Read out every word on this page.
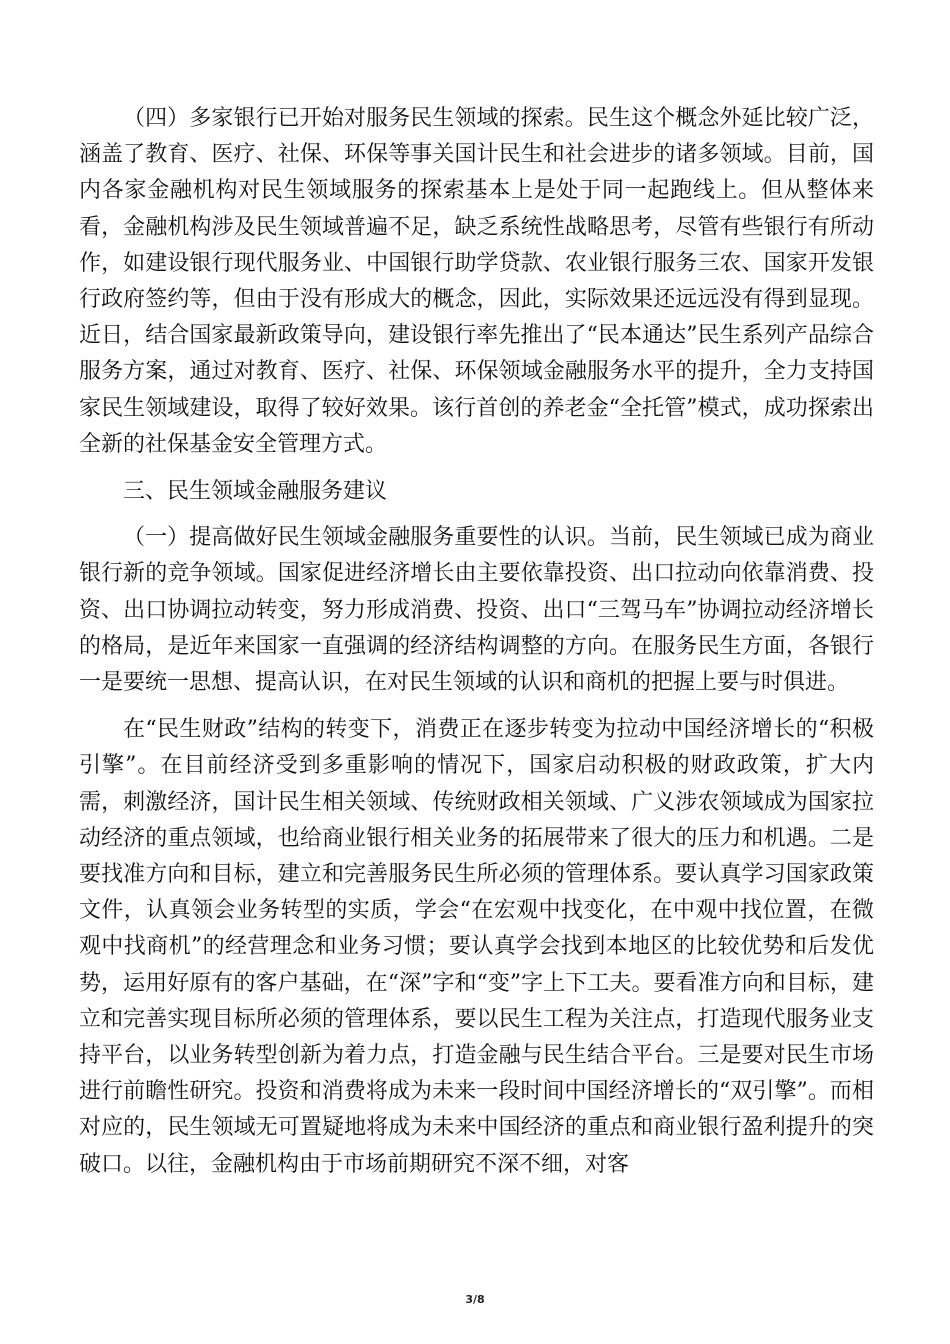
（四）多家银行已开始对服务民生领域的探索。民生这个概念外延比较广泛，涵盖了教育、医疗、社保、环保等事关国计民生和社会进步的诸多领域。目前，国内各家金融机构对民生领域服务的探索基本上是处于同一起跑线上。但从整体来看，金融机构涉及民生领域普遍不足，缺乏系统性战略思考，尽管有些银行有所动作，如建设银行现代服务业、中国银行助学贷款、农业银行服务三农、国家开发银行政府签约等，但由于没有形成大的概念，因此，实际效果还远远没有得到显现。近日，结合国家最新政策导向，建设银行率先推出了“民本通达”民生系列产品综合服务方案，通过对教育、医疗、社保、环保领域金融服务水平的提升，全力支持国家民生领域建设，取得了较好效果。该行首创的养老金“全托管”模式，成功探索出全新的社保基金安全管理方式。

三、民生领域金融服务建议

（一）提高做好民生领域金融服务重要性的认识。当前，民生领域已成为商业银行新的竞争领域。国家促进经济增长由主要依靠投资、出口拉动向依靠消费、投资、出口协调拉动转变，努力形成消费、投资、出口“三驾马车”协调拉动经济增长的格局，是近年来国家一直强调的经济结构调整的方向。在服务民生方面，各银行一是要统一思想、提高认识，在对民生领域的认识和商机的把握上要与时俱进。

在“民生财政”结构的转变下，消费正在逐步转变为拉动中国经济增长的“积极引擎”。在目前经济受到多重影响的情况下，国家启动积极的财政政策，扩大内需，刺激经济，国计民生相关领域、传统财政相关领域、广义涉农领域成为国家拉动经济的重点领域，也给商业银行相关业务的拓展带来了很大的压力和机遇。二是要找准方向和目标，建立和完善服务民生所必须的管理体系。要认真学习国家政策文件，认真领会业务转型的实质，学会“在宏观中找变化，在中观中找位置，在微观中找商机”的经营理念和业务习惯；要认真学会找到本地区的比较优势和后发优势，运用好原有的客户基础，在“深”字和“变”字上下工夫。要看准方向和目标，建立和完善实现目标所必须的管理体系，要以民生工程为关注点，打造现代服务业支持平台，以业务转型创新为着力点，打造金融与民生结合平台。三是要对民生市场进行前瞻性研究。投资和消费将成为未来一段时间中国经济增长的“双引擎”。而相对应的，民生领域无可置疑地将成为未来中国经济的重点和商业银行盈利提升的突破口。以往，金融机构由于市场前期研究不深不细，对客

3/8
